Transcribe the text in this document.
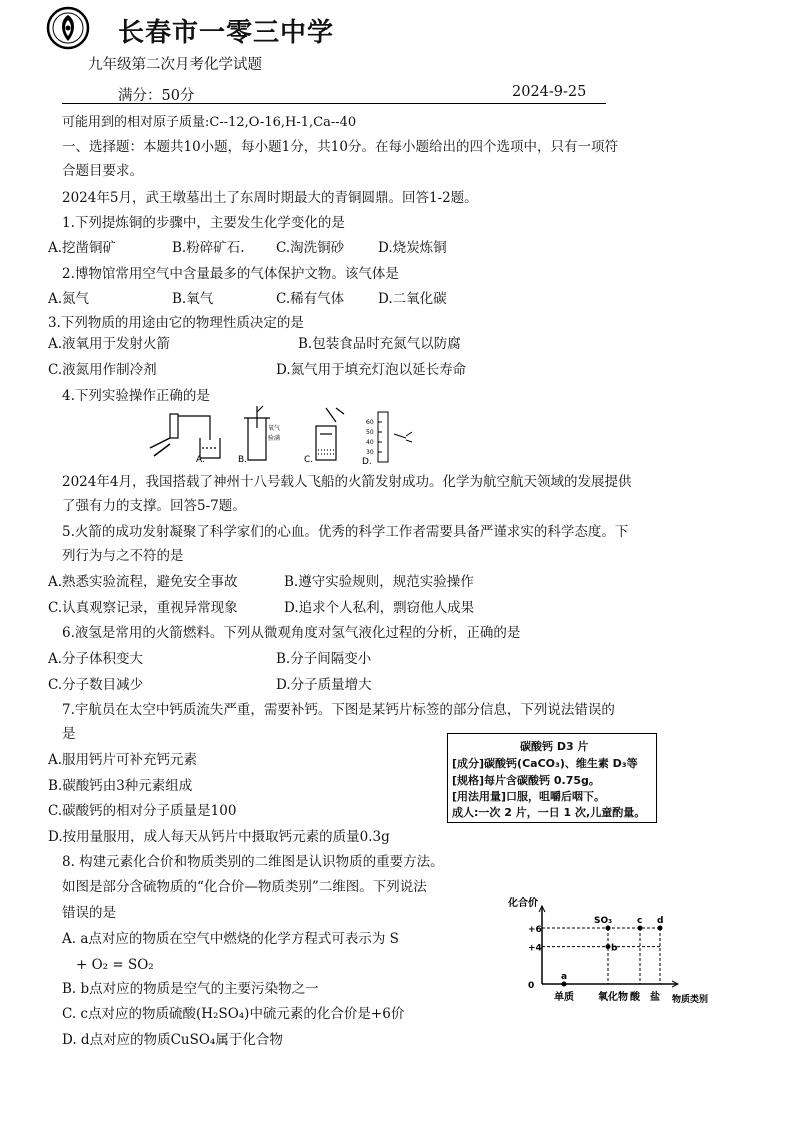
长春市一零三中学
九年级第二次月考化学试题
满分：50分	2024-9-25
可能用到的相对原子质量:C--12,O-16,H-1,Ca--40
一、选择题：本题共10小题，每小题1分，共10分。在每小题给出的四个选项中，只有一项符
合题目要求。
2024年5月，武王墩墓出土了东周时期最大的青铜圆鼎。回答1-2题。
1.下列提炼铜的步骤中，主要发生化学变化的是
A.挖凿铜矿	B.粉碎矿石. C.淘洗铜砂	D.烧炭炼铜
2.博物馆常用空气中含量最多的气体保护文物。该气体是
A.氮气	B.氧气	C.稀有气体	D.二氧化碳
3.下列物质的用途由它的物理性质决定的是
A.液氧用于发射火箭	B.包装食品时充氮气以防腐
C.液氮用作制冷剂	D.氮气用于填充灯泡以延长寿命
4.下列实验操作正确的是
A.
氧气
验满
B.	C.
60
50
40
30
D.
2024年4月，我国搭载了神州十八号载人飞船的火箭发射成功。化学为航空航天领域的发展提供
了强有力的支撑。回答5-7题。
5.火箭的成功发射凝聚了科学家们的心血。优秀的科学工作者需要具备严谨求实的科学态度。下
列行为与之不符的是
A.熟悉实验流程，避免安全事故	B.遵守实验规则，规范实验操作
C.认真观察记录，重视异常现象	D.追求个人私利，剽窃他人成果
6.液氢是常用的火箭燃料。下列从微观角度对氢气液化过程的分析，正确的是
A.分子体积变大	B.分子间隔变小
C.分子数目减少	D.分子质量增大
7.宇航员在太空中钙质流失严重，需要补钙。下图是某钙片标签的部分信息，下列说法错误的
是
A.服用钙片可补充钙元素
B.碳酸钙由3种元素组成
C.碳酸钙的相对分子质量是100
D.按用量服用，成人每天从钙片中摄取钙元素的质量0.3g
碳酸钙 D3 片
[成分]碳酸钙(CaCO₃)、维生素 D₃等
[规格]每片含碳酸钙 0.75g。
[用法用量]口服，咀嚼后咽下。
成人:一次 2 片，一日 1 次,儿童酌量。
8. 构建元素化合价和物质类别的二维图是认识物质的重要方法。
如图是部分含硫物质的“化合价—物质类别”二维图。下列说法
错误的是
A. a点对应的物质在空气中燃烧的化学方程式可表示为 S
+ O₂ = SO₂
B. b点对应的物质是空气的主要污染物之一
C. c点对应的物质硫酸(H₂SO₄)中硫元素的化合价是+6价
D. d点对应的物质CuSO₄属于化合物
化合价
物质类别
0
+4
+6
单质 氧化物 酸 盐
a
SO₃
b
c d
